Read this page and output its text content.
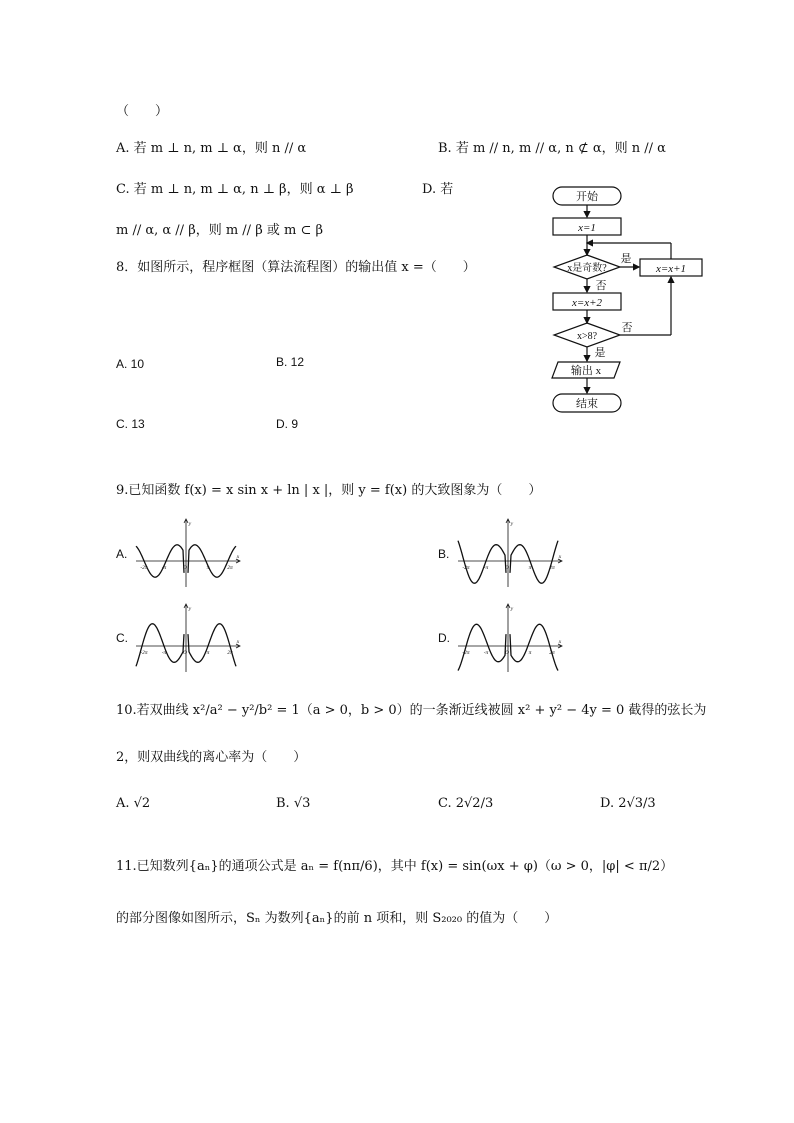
（　　）
A. 若 m ⊥ n, m ⊥ α，则 n // α	B. 若 m // n, m // α, n ⊄ α，则 n // α
C. 若 m ⊥ n, m ⊥ α, n ⊥ β，则 α ⊥ β	D. 若
m // α, α // β，则 m // β 或 m ⊂ β
8．如图所示，程序框图（算法流程图）的输出值 x =（　　）
A. 10	B. 12
C. 13	D. 9
开始
x=1
x是奇数?
是
否
x=x+1
x=x+2
x>8?
否
是
输出 x
结束
9.已知函数 f(x) = x sin x + ln | x |，则 y = f(x) 的大致图象为（　　）
A.	B.
C.	D.
y
x
O
-2π	-π	π	2π
y
x
O
-2π	-π	π	2π
y
x
O
-2π	-π	π	2π
y
x
O
-2π	-π	π	2π
10.若双曲线 x²/a² − y²/b² = 1（a > 0，b > 0）的一条渐近线被圆 x² + y² − 4y = 0 截得的弦长为
2，则双曲线的离心率为（　　）
A. √2	B. √3	C. 2√2/3	D. 2√3/3
11.已知数列{aₙ}的通项公式是 aₙ = f(nπ/6)，其中 f(x) = sin(ωx + φ)（ω > 0，|φ| < π/2）
的部分图像如图所示，Sₙ 为数列{aₙ}的前 n 项和，则 S₂₀₂₀ 的值为（　　）
